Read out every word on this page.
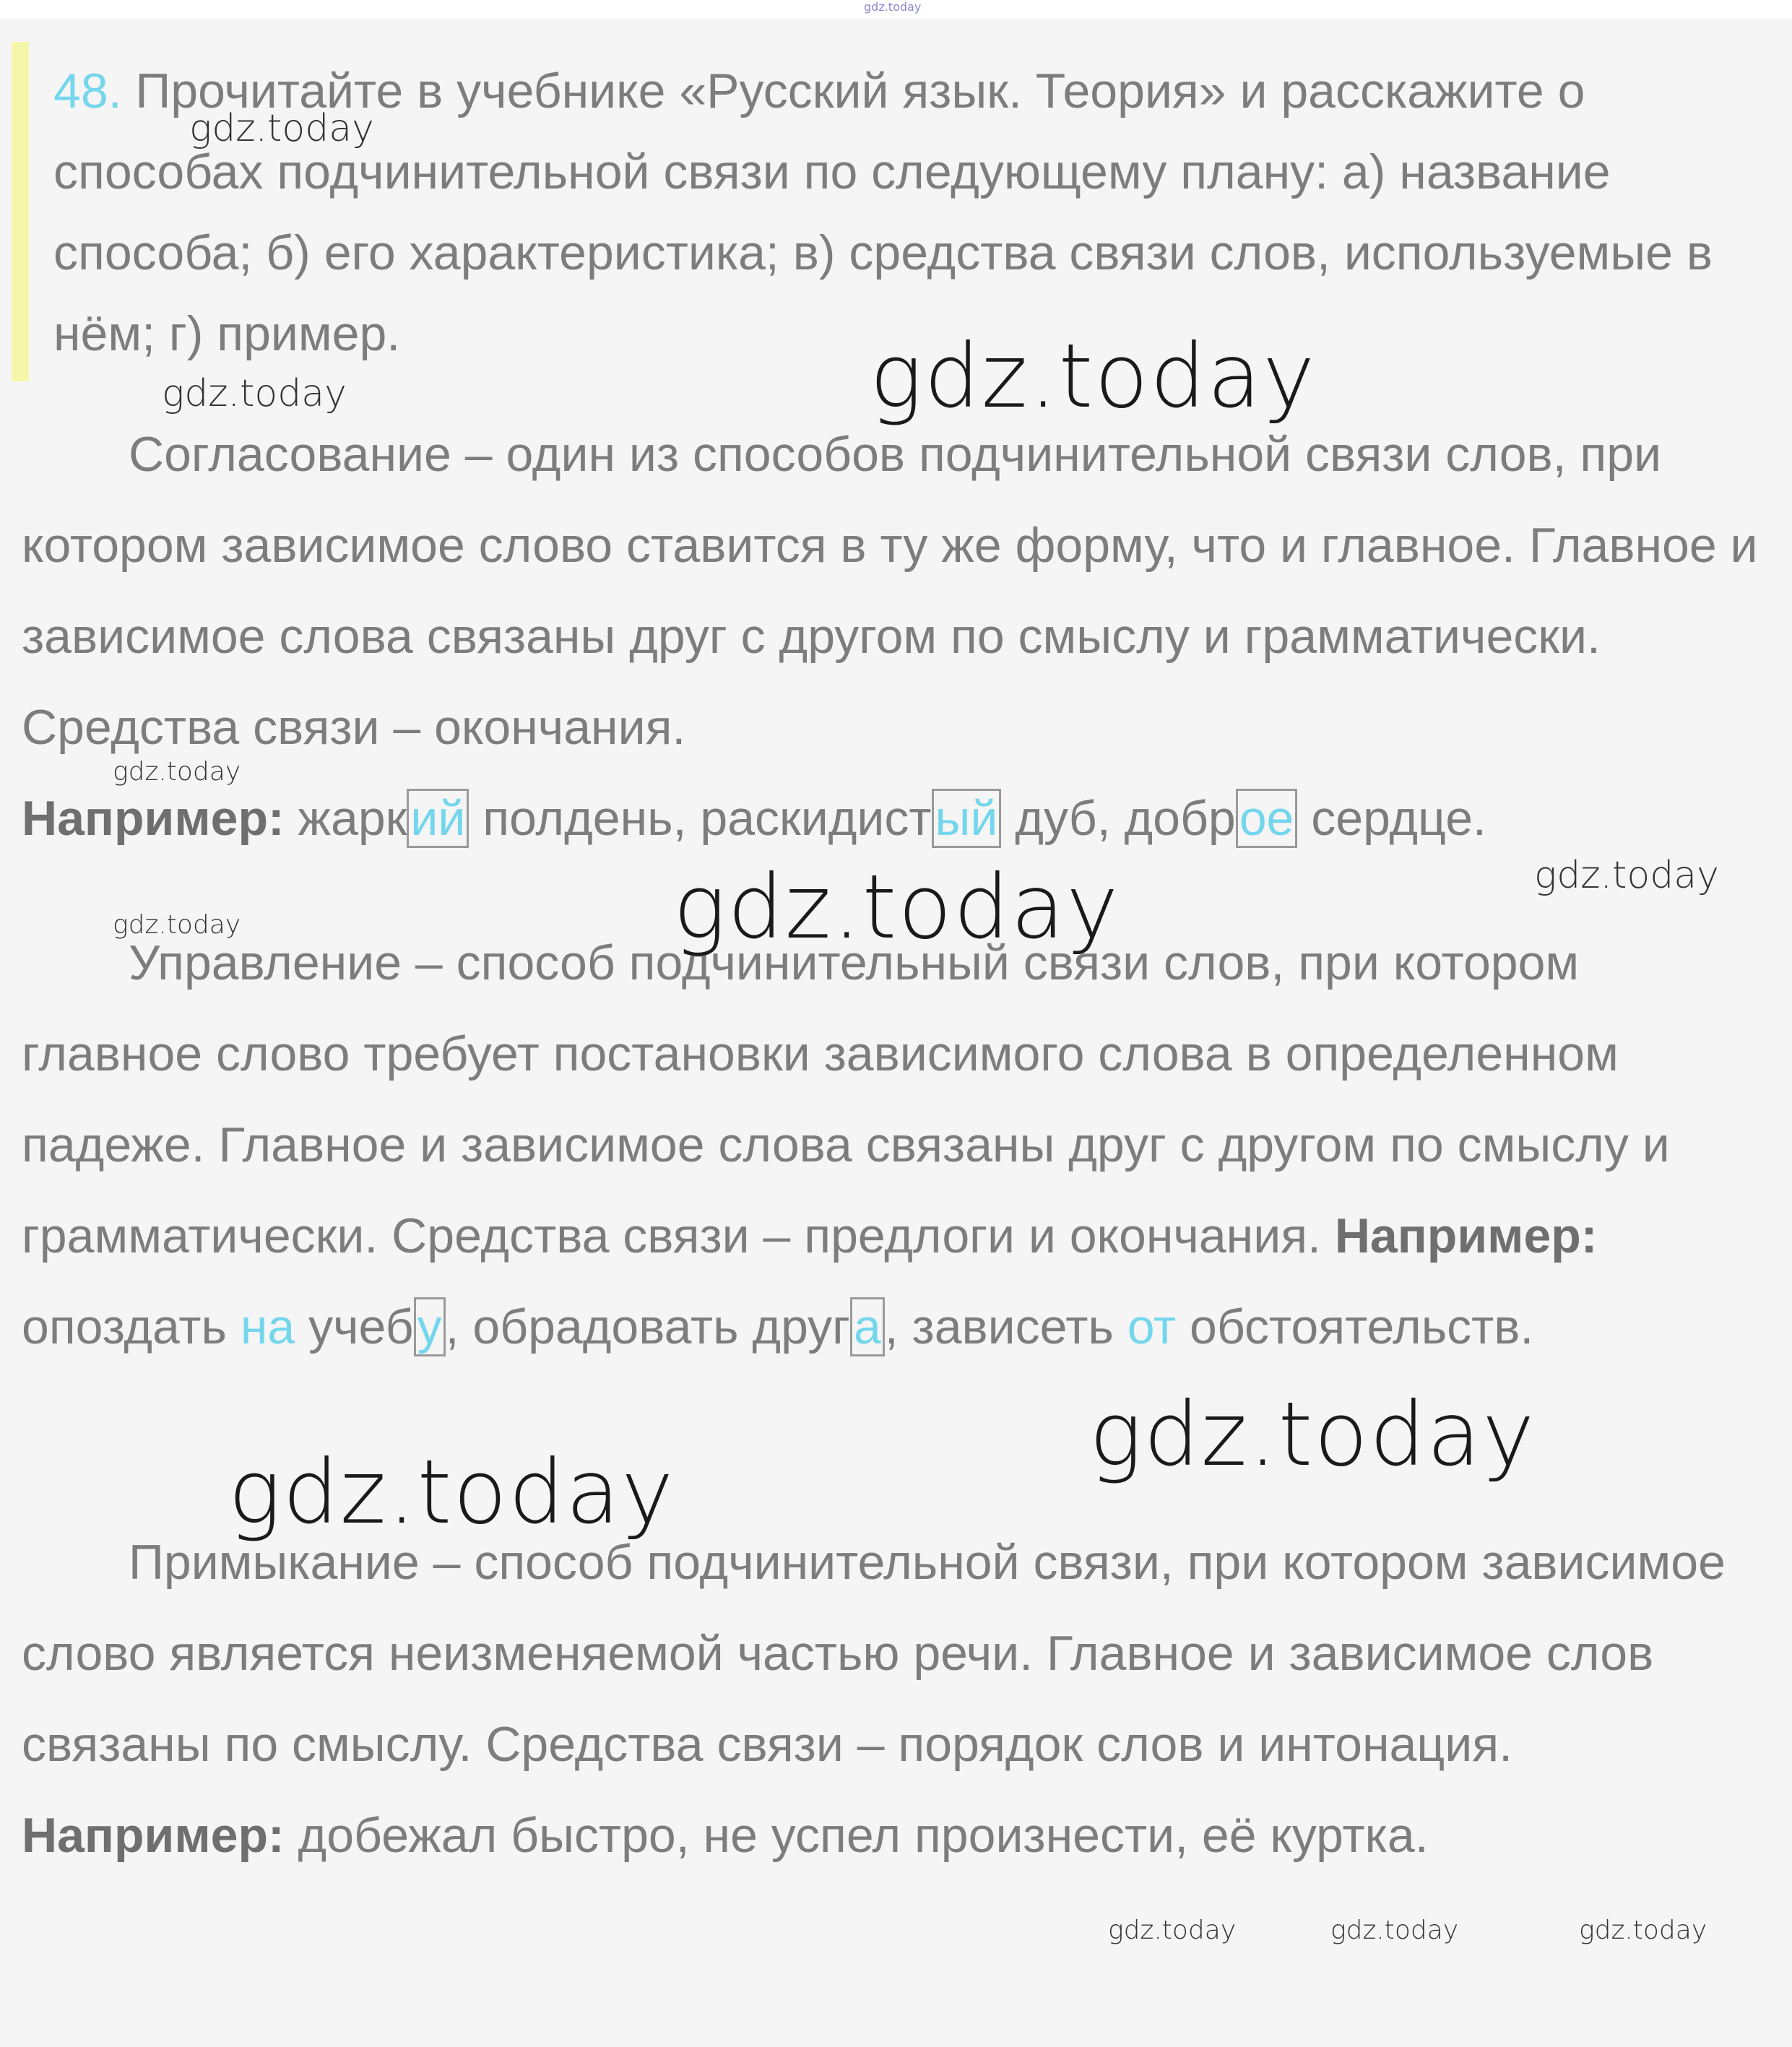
gdz.today
48. Прочитайте в учебнике «Русский язык. Теория» и расскажите о способах подчинительной связи по следующему плану: а) название способа; б) его характеристика; в) средства связи слов, используемые в нём; г) пример.
Согласование – один из способов подчинительной связи слов, при котором зависимое слово ставится в ту же форму, что и главное. Главное и зависимое слова связаны друг с другом по смыслу и грамматически. Средства связи – окончания.
Например: жаркий полдень, раскидистый дуб, доброе сердце.
Управление – способ подчинительный связи слов, при котором главное слово требует постановки зависимого слова в определенном падеже. Главное и зависимое слова связаны друг с другом по смыслу и грамматически. Средства связи – предлоги и окончания. Например: опоздать на учебу, обрадовать друга, зависеть от обстоятельств.
Примыкание – способ подчинительной связи, при котором зависимое слово является неизменяемой частью речи. Главное и зависимое слов связаны по смыслу. Средства связи – порядок слов и интонация. Например: добежал быстро, не успел произнести, её куртка.
gdz.today
gdz.today	gdz.today
gdz.today
gdz.today	gdz.today
gdz.today
gdz.today
gdz.today
gdz.today	gdz.today	gdz.today
